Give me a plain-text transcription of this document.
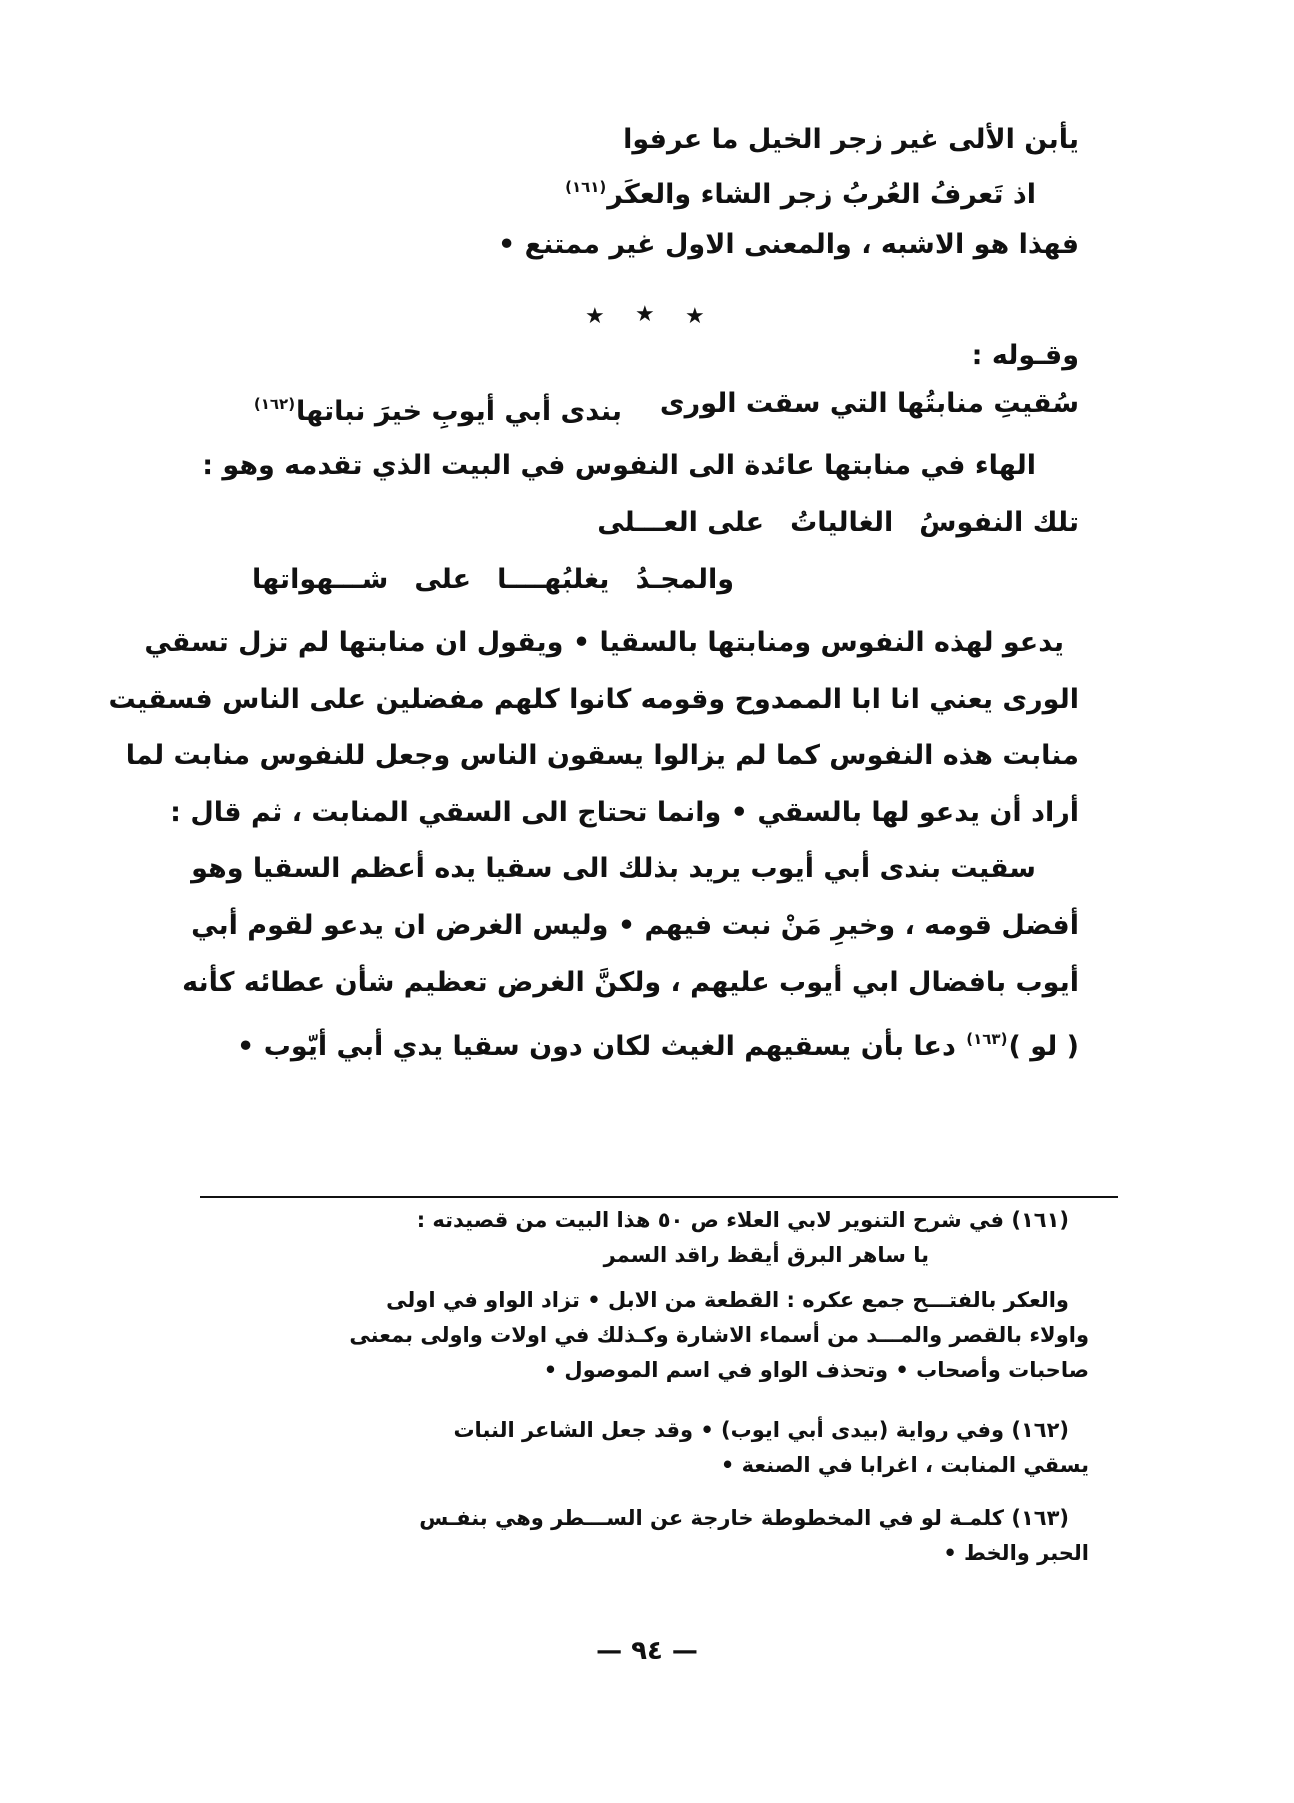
يأبن الألى غير زجر الخيل ما عرفوا
اذ تَعرفُ العُربُ زجر الشاء والعكَر$^{(١٦١)}$
فهذا هو الاشبه ، والمعنى الاول غير ممتنع •
★ ★ ★
وقـوله :
سُقيتِ منابتُها التي سقت الورى
بندى أبي أيوبِ خيرَ نباتها$^{(١٦٢)}$
الهاء في منابتها عائدة الى النفوس في البيت الذي تقدمه وهو :
تلك النفوسُ
الغالياتُ
على العـــلى
والمجـدُ
يغلبُهــــا
على
شـــهواتها
يدعو لهذه النفوس ومنابتها بالسقيا • ويقول ان منابتها لم تزل تسقي
الورى يعني انا ابا الممدوح وقومه كانوا كلهم مفضلين على الناس فسقيت
منابت هذه النفوس كما لم يزالوا يسقون الناس وجعل للنفوس منابت لما
أراد أن يدعو لها بالسقي • وانما تحتاج الى السقي المنابت ، ثم قال :
سقيت بندى أبي أيوب يريد بذلك الى سقيا يده أعظم السقيا وهو
أفضل قومه ، وخيرِ مَنْ نبت فيهم • وليس الغرض ان يدعو لقوم أبي
أيوب بافضال ابي أيوب عليهم ، ولكنَّ الغرض تعظيم شأن عطائه كأنه
( لو )$^{(١٦٣)}$ دعا بأن يسقيهم الغيث لكان دون سقيا يدي أبي أيّوب •
(١٦١) في شرح التنوير لابي العلاء ص ٥٠ هذا البيت من قصيدته :
يا ساهر البرق أيقظ راقد السمر
والعكر بالفتـــح جمع عكره : القطعة من الابل • تزاد الواو في اولى
واولاء بالقصر والمـــد من أسماء الاشارة وكـذلك في اولات واولى بمعنى
صاحبات وأصحاب • وتحذف الواو في اسم الموصول •
(١٦٢) وفي رواية (بيدى أبي ايوب) • وقد جعل الشاعر النبات
يسقي المنابت ، اغرابا في الصنعة •
(١٦٣) كلمـة لو في المخطوطة خارجة عن الســـطر وهي بنفـس
الحبر والخط •
— ٩٤ —
